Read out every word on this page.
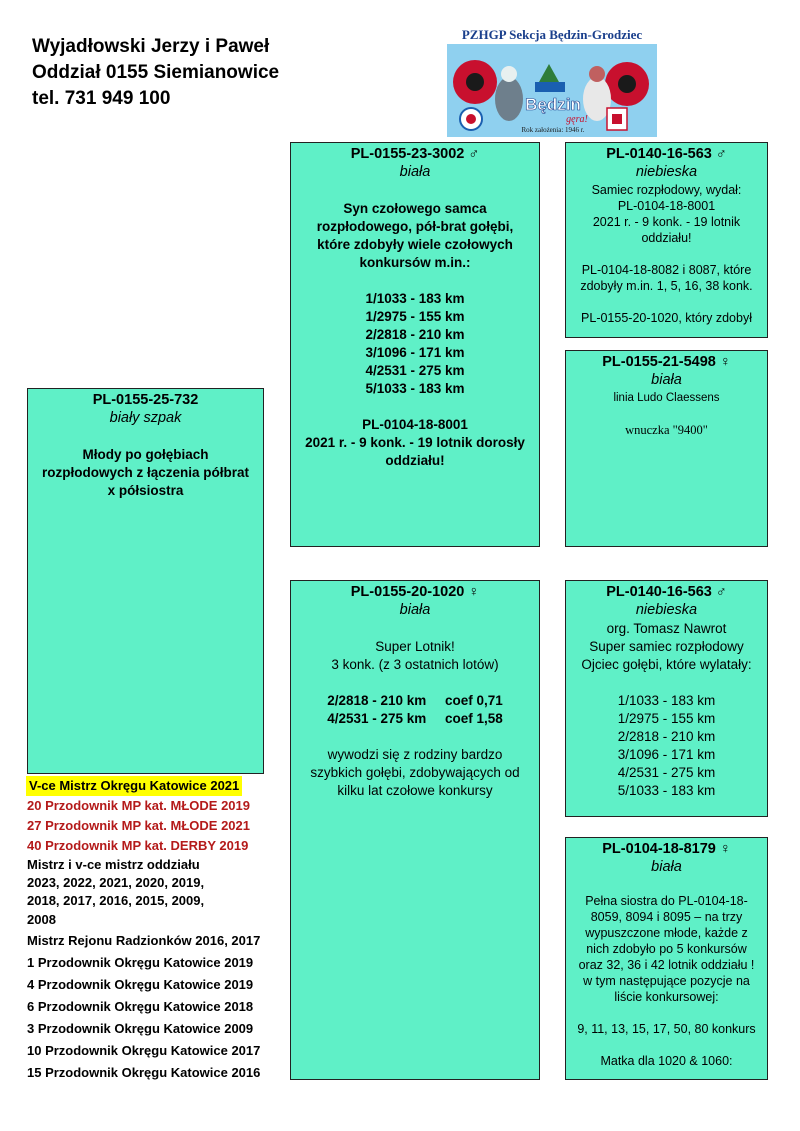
Wyjadłowski Jerzy i Paweł
Oddział 0155 Siemianowice
tel. 731 949 100
PZHGP Sekcja Będzin-Grodziec
Będzin
gęra!
Rok założenia: 1946 r.
PL-0155-25-732
biały szpak
Młody po gołębiach
rozpłodowych z łączenia półbrat
x półsiostra
PL-0155-23-3002 ♂
biała
Syn czołowego samca
rozpłodowego, pół-brat gołębi,
które zdobyły wiele czołowych
konkursów m.in.:
1/1033 - 183 km
1/2975 - 155 km
2/2818 - 210 km
3/1096 - 171 km
4/2531 - 275 km
5/1033 - 183 km
PL-0104-18-8001
2021 r. - 9 konk. - 19 lotnik dorosły
oddziału!
PL-0140-16-563 ♂
niebieska
Samiec rozpłodowy, wydał:
PL-0104-18-8001
2021 r. - 9 konk. - 19 lotnik
oddziału!
PL-0104-18-8082 i 8087, które
zdobyły m.in. 1, 5, 16, 38 konk.
PL-0155-20-1020, który zdobył
PL-0155-21-5498 ♀
biała
linia Ludo Claessens
wnuczka "9400"
PL-0155-20-1020 ♀
biała
Super Lotnik!
3 konk. (z 3 ostatnich lotów)
2/2818 - 210 km     coef 0,71
4/2531 - 275 km     coef 1,58
wywodzi się z rodziny bardzo
szybkich gołębi, zdobywających od
kilku lat czołowe konkursy
PL-0140-16-563 ♂
niebieska
org. Tomasz Nawrot
Super samiec rozpłodowy
Ojciec gołębi, które wylatały:
1/1033 - 183 km
1/2975 - 155 km
2/2818 - 210 km
3/1096 - 171 km
4/2531 - 275 km
5/1033 - 183 km
PL-0104-18-8179 ♀
biała
Pełna siostra do PL-0104-18-
8059, 8094 i 8095 – na trzy
wypuszczone młode, każde z
nich zdobyło po 5 konkursów
oraz 32, 36 i 42 lotnik oddziału !
w tym następujące pozycje na
liście konkursowej:
9, 11, 13, 15, 17, 50, 80 konkurs
Matka dla 1020 & 1060:
V-ce Mistrz Okręgu Katowice 2021
20 Przodownik MP kat. MŁODE 2019
27 Przodownik MP kat. MŁODE 2021
40 Przodownik MP kat. DERBY 2019
Mistrz i v-ce mistrz oddziału
2023, 2022, 2021, 2020, 2019,
2018, 2017, 2016, 2015, 2009,
2008
Mistrz Rejonu Radzionków 2016, 2017
1 Przodownik Okręgu Katowice 2019
4 Przodownik Okręgu Katowice 2019
6 Przodownik Okręgu Katowice 2018
3 Przodownik Okręgu Katowice 2009
10 Przodownik Okręgu Katowice 2017
15 Przodownik Okręgu Katowice 2016
